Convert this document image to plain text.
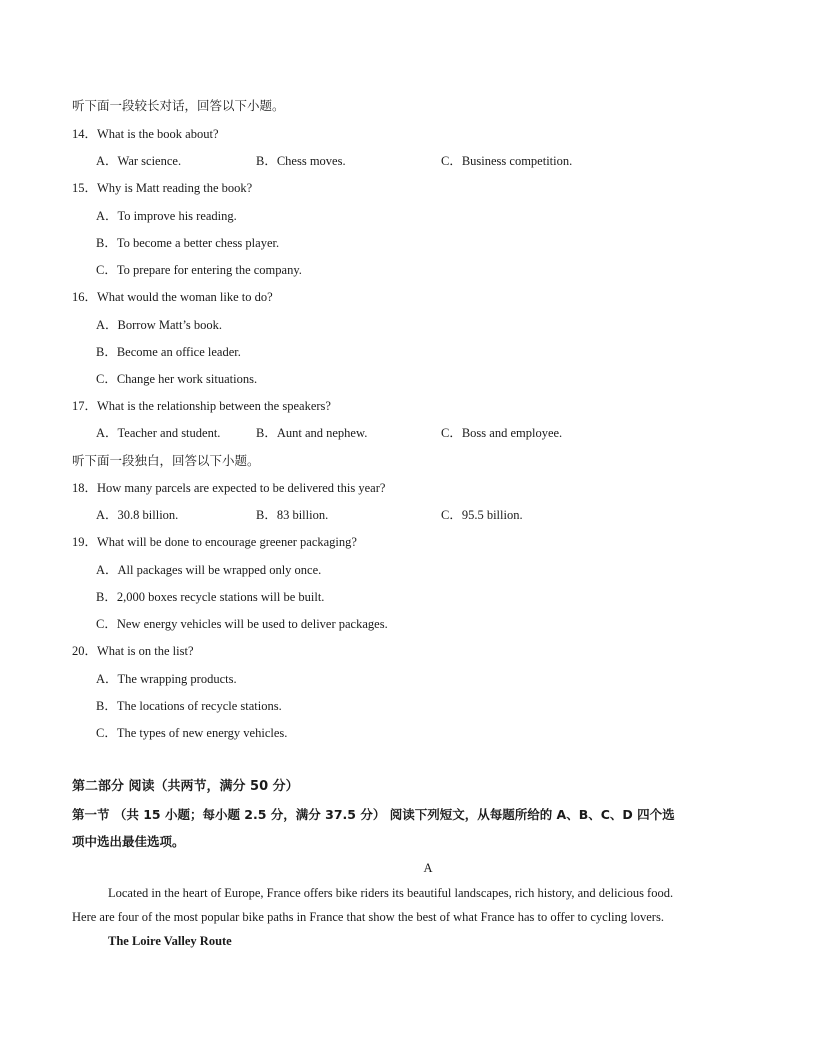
听下面一段较长对话，回答以下小题。
14．What is the book about?
A．War science.	B．Chess moves.	C．Business competition.
15．Why is Matt reading the book?
A．To improve his reading.
B．To become a better chess player.
C．To prepare for entering the company.
16．What would the woman like to do?
A．Borrow Matt’s book.
B．Become an office leader.
C．Change her work situations.
17．What is the relationship between the speakers?
A．Teacher and student.	B．Aunt and nephew.	C．Boss and employee.
听下面一段独白，回答以下小题。
18．How many parcels are expected to be delivered this year?
A．30.8 billion.	B．83 billion.	C．95.5 billion.
19．What will be done to encourage greener packaging?
A．All packages will be wrapped only once.
B．2,000 boxes recycle stations will be built.
C．New energy vehicles will be used to deliver packages.
20．What is on the list?
A．The wrapping products.
B．The locations of recycle stations.
C．The types of new energy vehicles.
第二部分 阅读（共两节，满分 50 分）
第一节 （共 15 小题；每小题 2.5 分，满分 37.5 分） 阅读下列短文，从每题所给的 A、B、C、D 四个选
项中选出最佳选项。
A
Located in the heart of Europe, France offers bike riders its beautiful landscapes, rich history, and delicious food.
Here are four of the most popular bike paths in France that show the best of what France has to offer to cycling lovers.
The Loire Valley Route
